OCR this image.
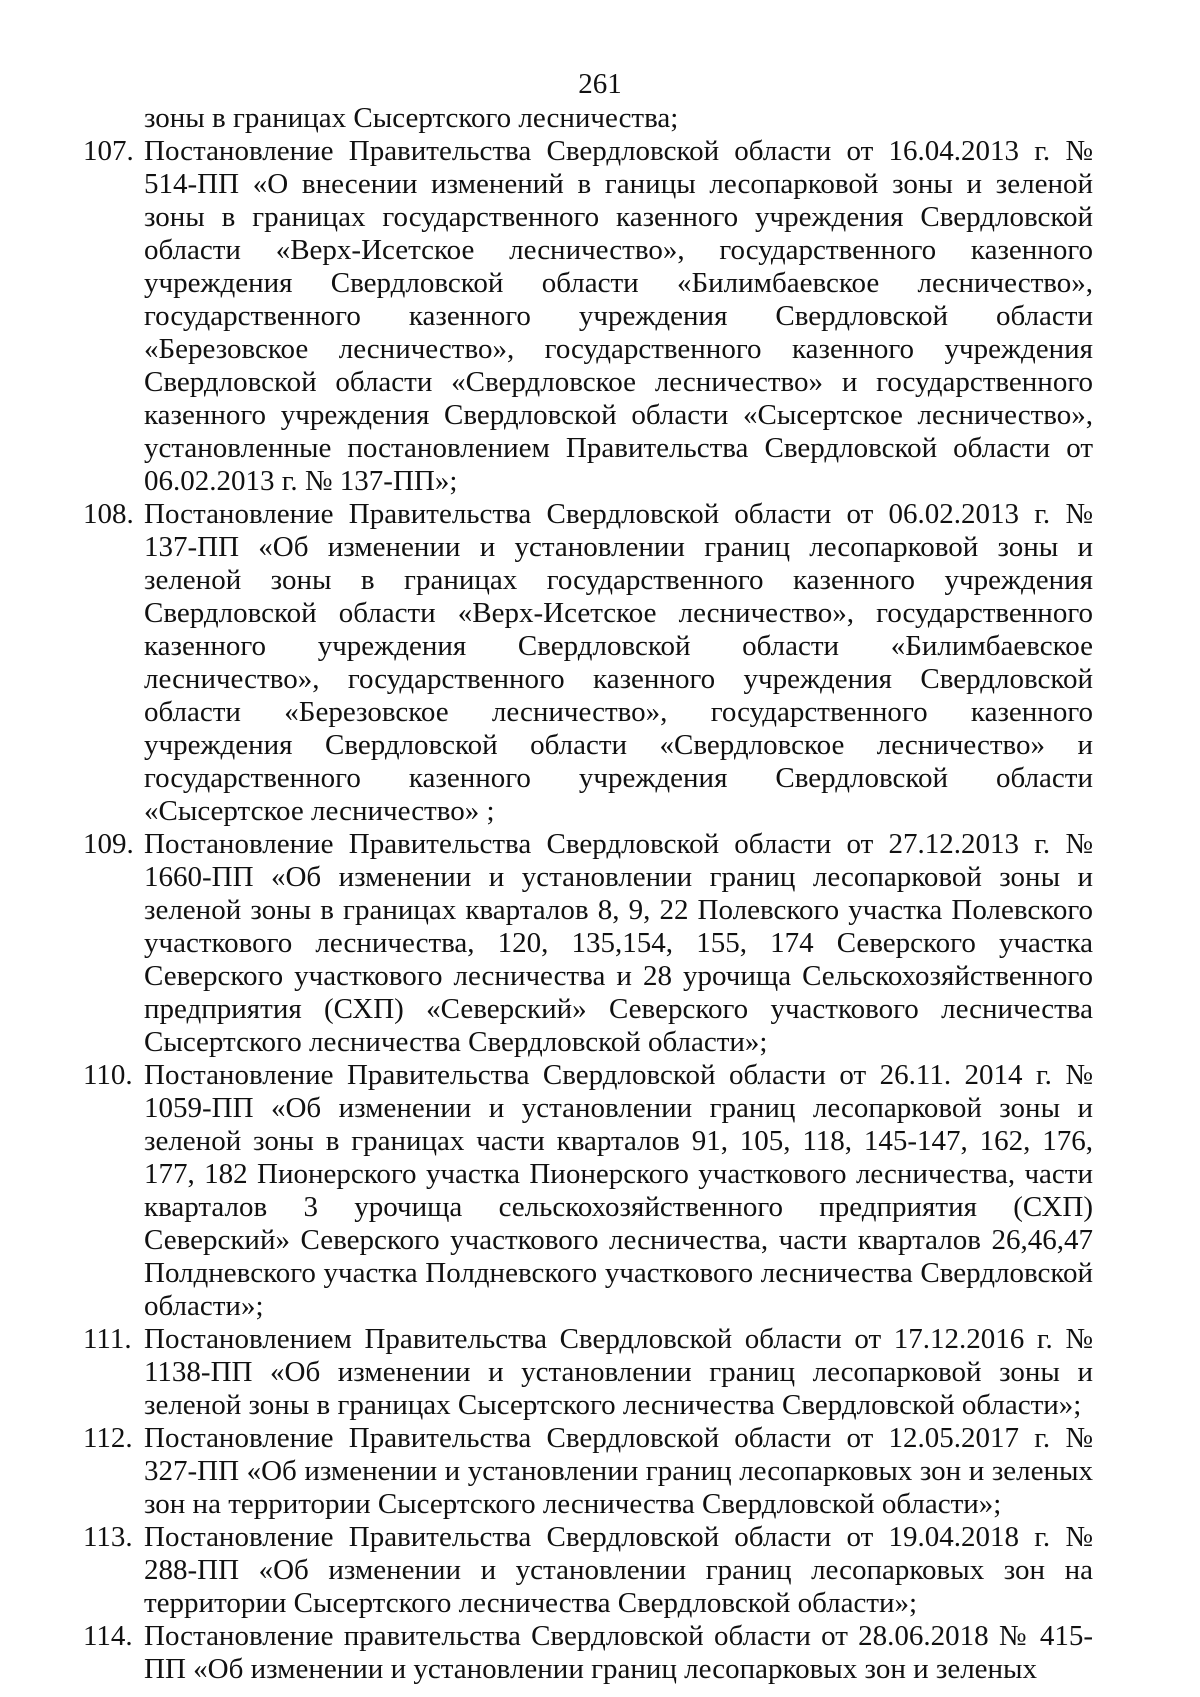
261
зоны в границах Сысертского лесничества;
107. Постановление Правительства Свердловской области от 16.04.2013 г. № 514-ПП «О внесении изменений в ганицы лесопарковой зоны и зеленой зоны в границах государственного казенного учреждения Свердловской области «Верх-Исетское лесничество», государственного казенного учреждения Свердловской области «Билимбаевское лесничество», государственного казенного учреждения Свердловской области «Березовское лесничество», государственного казенного учреждения Свердловской области «Свердловское лесничество» и государственного казенного учреждения Свердловской области «Сысертское лесничество», установленные постановлением Правительства Свердловской области от 06.02.2013 г. № 137-ПП»;
108. Постановление Правительства Свердловской области от 06.02.2013 г. № 137-ПП «Об изменении и установлении границ лесопарковой зоны и зеленой зоны в границах государственного казенного учреждения Свердловской области «Верх-Исетское лесничество», государственного казенного учреждения Свердловской области «Билимбаевское лесничество», государственного казенного учреждения Свердловской области «Березовское лесничество», государственного казенного учреждения Свердловской области «Свердловское лесничество» и государственного казенного учреждения Свердловской области «Сысертское лесничество» ;
109. Постановление Правительства Свердловской области от 27.12.2013 г. № 1660-ПП «Об изменении и установлении границ лесопарковой зоны и зеленой зоны в границах кварталов 8, 9, 22 Полевского участка Полевского участкового лесничества, 120, 135,154, 155, 174 Северского участка Северского участкового лесничества и 28 урочища Сельскохозяйственного предприятия (СХП) «Северский» Северского участкового лесничества Сысертского лесничества Свердловской области»;
110. Постановление Правительства Свердловской области от 26.11. 2014 г. № 1059-ПП «Об изменении и установлении границ лесопарковой зоны и зеленой зоны в границах части кварталов 91, 105, 118, 145-147, 162, 176, 177, 182 Пионерского участка Пионерского участкового лесничества, части кварталов 3 урочища сельскохозяйственного предприятия (СХП) Северский» Северского участкового лесничества, части кварталов 26,46,47 Полдневского участка Полдневского участкового лесничества Свердловской области»;
111. Постановлением Правительства Свердловской области от 17.12.2016 г. № 1138-ПП «Об изменении и установлении границ лесопарковой зоны и зеленой зоны в границах Сысертского лесничества Свердловской области»;
112. Постановление Правительства Свердловской области от 12.05.2017 г. № 327-ПП «Об изменении и установлении границ лесопарковых зон и зеленых зон на территории Сысертского лесничества Свердловской области»;
113. Постановление Правительства Свердловской области от 19.04.2018 г. № 288-ПП «Об изменении и установлении границ лесопарковых зон на территории Сысертского лесничества Свердловской области»;
114. Постановление правительства Свердловской области от 28.06.2018 № 415-ПП «Об изменении и установлении границ лесопарковых зон и зеленых
